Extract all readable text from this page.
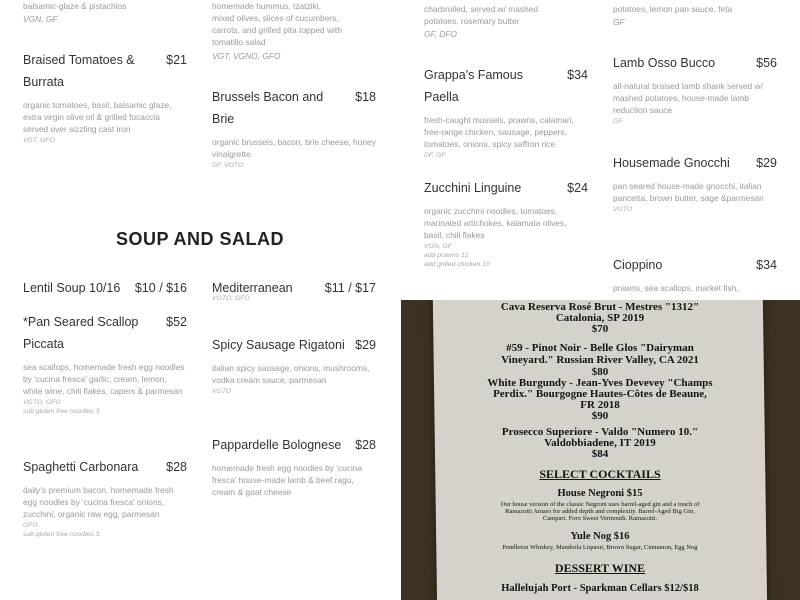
balsamic-glaze & pistachios
VGN, GF
homemade hummus, tzatziki,
mixed olives, slices of cucumbers,
carrots, and grilled pita topped with
tomatillo salad
VGT, VGNO, GFO
charbroiled, served w/ mashed
potatoes, rosemary butter
GF, DFO
potatoes, lemon pan sauce, feta
GF
Braised Tomatoes &
Burrata
$21
organic tomatoes, basil, balsamic glaze, extra virgin olive oil & grilled focaccia served over sizzling cast iron
VGT, GFO
Brussels Bacon and Brie
$18
organic brussels, bacon, brie cheese, honey vinaigrette
GF, VGTO
Grappa's Famous Paella
$34
fresh-caught mussels, prawns, calamari, free-range chicken, sausage, peppers, tomatoes, onions, spicy saffron rice
DF, GF
Lamb Osso Bucco	$56
all-natural braised lamb shank served w/ mashed potatoes, house-made lamb reduction sauce
GF
Housemade Gnocchi $29
pan seared house-made gnocchi, italian pancetta, brown butter, sage &parmesan
VGTO
Zucchini Linguine	$24
organic zucchini noodles, tomatoes, marinated artichokes, kalamata olives, basil, chili flakes
VGN, GF
add prawns 12
add grilled chicken 10	Cioppino	$34
prawns, sea scallops, market fish,
SOUP AND SALAD
Lentil Soup 10/16 $10 / $16 Mediterranean	$11 / $17
VGTO, GFO
*Pan Seared Scallop
Piccata
$52
sea scallops, homemade fresh egg noodles by 'cucina fresca' garlic, cream, lemon, white wine, chili flakes, capers & parmesan
VGTO, GFO
sub gluten free noodles 3
Spicy Sausage Rigatoni $29
italian spicy sausage, onions, mushrooms, vodka cream sauce, parmesan
VGTO
Pappardelle Bolognese $28
homemade fresh egg noodles by 'cucina fresca' house-made lamb & beef ragu, cream & goat cheese
Spaghetti Carbonara $28
daily's premium bacon, homemade fresh egg noodles by 'cucina fresca' onions, zucchini, organic raw egg, parmesan
GFO
sub gluten free noodles 3
Cava Reserva Rosé Brut - Mestres "1312"
Catalonia, SP 2019
$70
#59 - Pinot Noir - Belle Glos "Dairyman
Vineyard." Russian River Valley, CA 2021
$80
White Burgundy - Jean-Yves Devevey "Champs
Perdix." Bourgogne Hautes-Côtes de Beaune,
FR 2018
$90
Prosecco Superiore - Valdo "Numero 10."
Valdobbiadene, IT 2019
$84
SELECT COCKTAILS
House Negroni $15
Our house version of the classic Negroni uses barrel-aged gin and a touch of
Ramazotti Amaro for added depth and complexity. Barrel-Aged Big Gin,
Campari. Foro Sweet Vermouth. Ramazotti.
Yule Nog $16
Pendleton Whiskey, Mandorla Liqueur, Brown Sugar, Cinnamon, Egg Nog
DESSERT WINE
Hallelujah Port - Sparkman Cellars $12/$18
